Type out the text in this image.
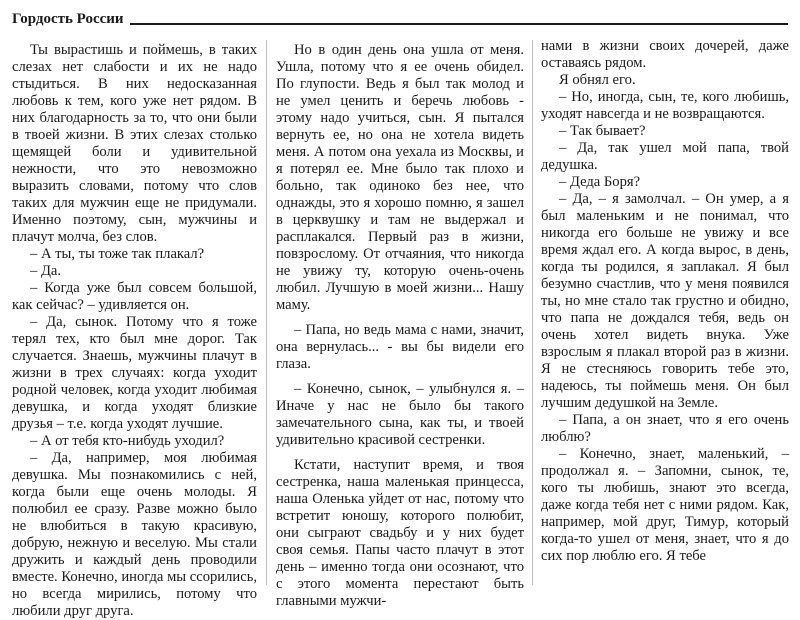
Гордость России

Ты вырастишь и поймешь, в таких слезах нет слабости и их не надо стыдиться. В них недосказанная любовь к тем, кого уже нет рядом. В них благодарность за то, что они были в твоей жизни. В этих слезах столько щемящей боли и удивительной нежности, что это невозможно выразить словами, потому что слов таких для мужчин еще не придумали. Именно поэтому, сын, мужчины и плачут молча, без слов.

– А ты, ты тоже так плакал?

– Да.

– Когда уже был совсем большой, как сейчас? – удивляется он.

– Да, сынок. Потому что я тоже терял тех, кто был мне дорог. Так случается. Знаешь, мужчины плачут в жизни в трех случаях: когда уходит родной человек, когда уходит любимая девушка, и когда уходят близкие друзья – т.е. когда уходят лучшие.

– А от тебя кто-нибудь уходил?

– Да, например, моя любимая девушка. Мы познакомились с ней, когда были еще очень молоды. Я полюбил ее сразу. Разве можно было не влюбиться в такую красивую, добрую, нежную и веселую. Мы стали дружить и каждый день проводили вместе. Конечно, иногда мы ссорились, но всегда мирились, потому что любили друг друга.

Но в один день она ушла от меня. Ушла, потому что я ее очень обидел. По глупости. Ведь я был так молод и не умел ценить и беречь любовь - этому надо учиться, сын. Я пытался вернуть ее, но она не хотела видеть меня. А потом она уехала из Москвы, и я потерял ее. Мне было так плохо и больно, так одиноко без нее, что однажды, это я хорошо помню, я зашел в церквушку и там не выдержал и расплакался. Первый раз в жизни, повзрослому. От отчаяния, что никогда не увижу ту, которую очень-очень любил. Лучшую в моей жизни... Нашу маму.

– Папа, но ведь мама с нами, значит, она вернулась... - вы бы видели его глаза.

– Конечно, сынок, – улыбнулся я. – Иначе у нас не было бы такого замечательного сына, как ты, и твоей удивительно красивой сестренки.

Кстати, наступит время, и твоя сестренка, наша маленькая принцесса, наша Оленька уйдет от нас, потому что встретит юношу, которого полюбит, они сыграют свадьбу и у них будет своя семья. Папы часто плачут в этот день – именно тогда они осознают, что с этого момента перестают быть главными мужчи-

нами в жизни своих дочерей, даже оставаясь рядом.

Я обнял его.

– Но, иногда, сын, те, кого любишь, уходят навсегда и не возвращаются.

– Так бывает?

– Да, так ушел мой папа, твой дедушка.

– Деда Боря?

– Да, – я замолчал. – Он умер, а я был маленьким и не понимал, что никогда его больше не увижу и все время ждал его. А когда вырос, в день, когда ты родился, я заплакал. Я был безумно счастлив, что у меня появился ты, но мне стало так грустно и обидно, что папа не дождался тебя, ведь он очень хотел видеть внука. Уже взрослым я плакал второй раз в жизни. Я не стесняюсь говорить тебе это, надеюсь, ты поймешь меня. Он был лучшим дедушкой на Земле.

– Папа, а он знает, что я его очень люблю?

– Конечно, знает, маленький, – продолжал я. – Запомни, сынок, те, кого ты любишь, знают это всегда, даже когда тебя нет с ними рядом. Как, например, мой друг, Тимур, который когда-то ушел от меня, знает, что я до сих пор люблю его. Я тебе
